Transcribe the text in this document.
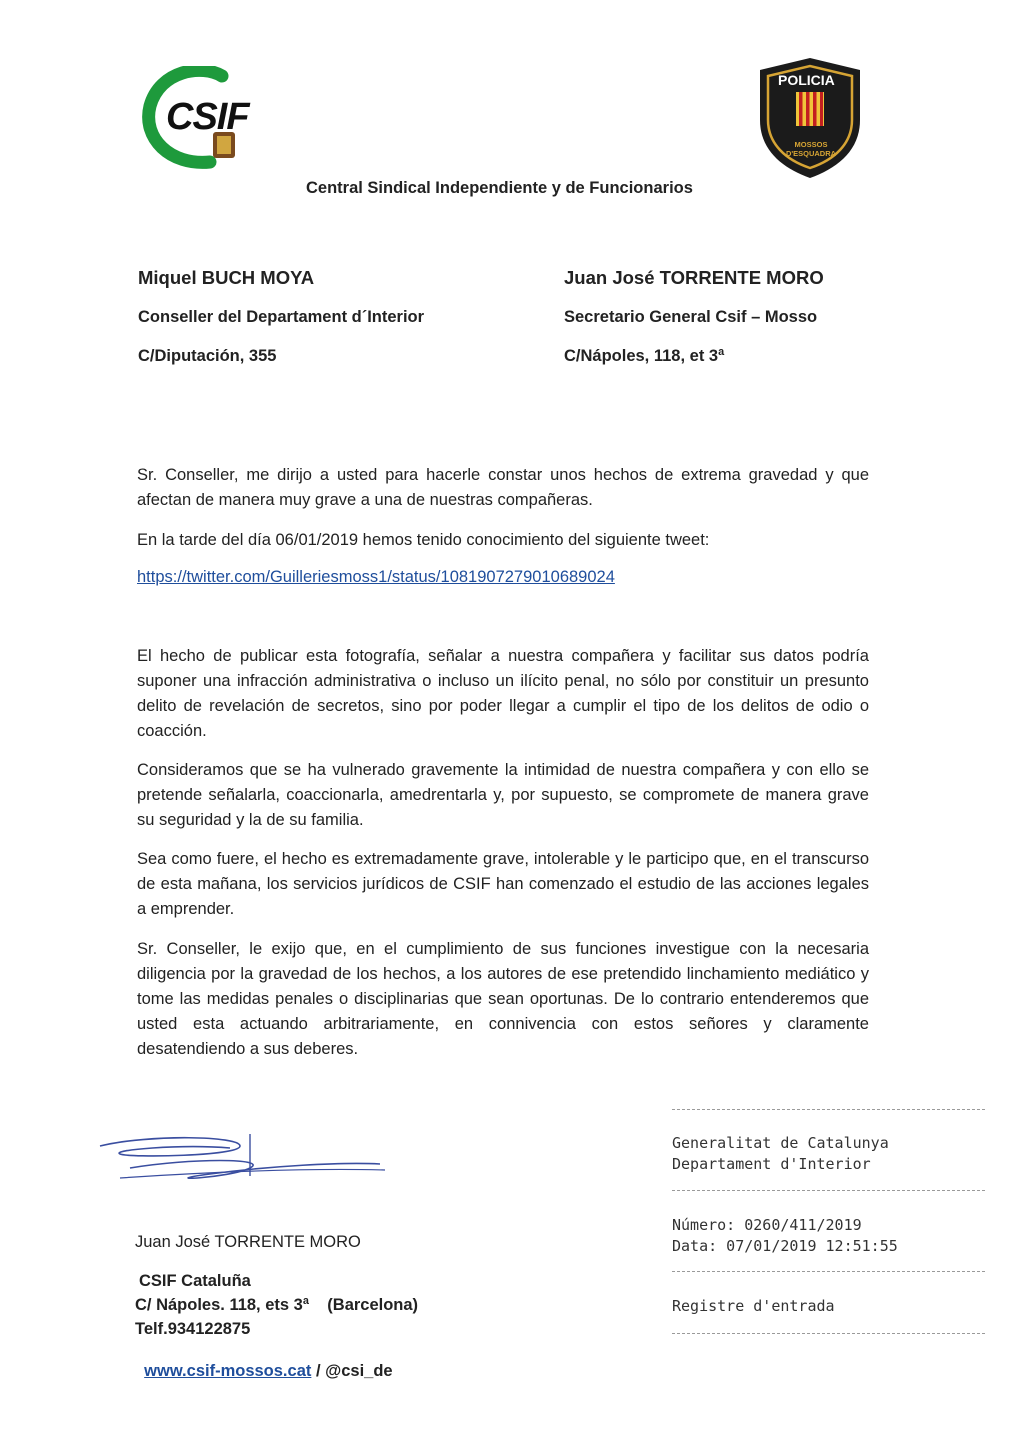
CSIF
POLICIA
MOSSOS D'ESQUADRA
Central Sindical Independiente y de Funcionarios
Miquel BUCH MOYA
Conseller del Departament d´Interior
C/Diputación, 355
Juan José TORRENTE MORO
Secretario General Csif – Mosso
C/Nápoles, 118, et 3ª

Sr. Conseller, me dirijo a usted para hacerle constar unos hechos de extrema gravedad y que afectan de manera muy grave a una de nuestras compañeras.

En la tarde del día 06/01/2019 hemos tenido conocimiento del siguiente tweet:

https://twitter.com/Guilleriesmoss1/status/1081907279010689024

El hecho de publicar esta fotografía, señalar a nuestra compañera y facilitar sus datos podría suponer una infracción administrativa o incluso un ilícito penal, no sólo por constituir un presunto delito de revelación de secretos, sino por poder llegar a cumplir el tipo de los delitos de odio o coacción.

Consideramos que se ha vulnerado gravemente la intimidad de nuestra compañera y con ello se pretende señalarla, coaccionarla, amedrentarla y, por supuesto, se compromete de manera grave su seguridad y la de su familia.

Sea como fuere, el hecho es extremadamente grave, intolerable y le participo que, en el transcurso de esta mañana, los servicios jurídicos de CSIF han comenzado el estudio de las acciones legales a emprender.

Sr. Conseller, le exijo que, en el cumplimiento de sus funciones investigue con la necesaria diligencia por la gravedad de los hechos, a los autores de ese pretendido linchamiento mediático y tome las medidas penales o disciplinarias que sean oportunas. De lo contrario entenderemos que usted esta actuando arbitrariamente, en connivencia con estos señores y claramente desatendiendo a sus deberes.

Juan José TORRENTE MORO
CSIF Cataluña
C/ Nápoles. 118, ets 3ª    (Barcelona)
Telf.934122875

www.csif-mossos.cat / @csi_de

Generalitat de Catalunya
Departament d'Interior
Número: 0260/411/2019
Data: 07/01/2019 12:51:55
Registre d'entrada
